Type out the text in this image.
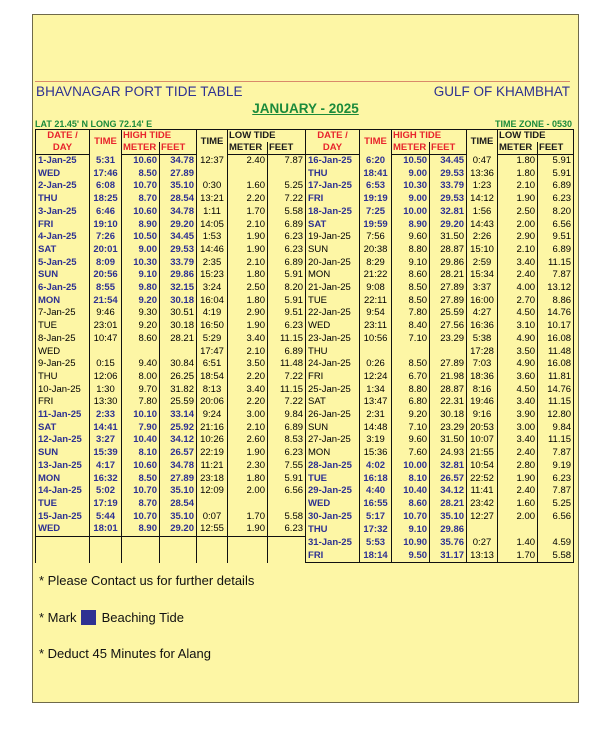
BHAVNAGAR PORT TIDE TABLE	GULF OF KHAMBHAT
JANUARY - 2025
LAT 21.45' N LONG 72.14' E	TIME ZONE - 0530
DATE /	TIME	HIGH TIDE		TIME	LOW TIDE		DATE /	TIME	HIGH TIDE		TIME	LOW TIDE	
DAY		METER	FEET		METER	FEET	DAY		METER	FEET		METER	FEET
1-Jan-25	5:31	10.60	34.78	12:37	2.40	7.87	16-Jan-25	6:20	10.50	34.45	0:47	1.80	5.91
WED	17:46	8.50	27.89				THU	18:41	9.00	29.53	13:36	1.80	5.91
2-Jan-25	6:08	10.70	35.10	0:30	1.60	5.25	17-Jan-25	6:53	10.30	33.79	1:23	2.10	6.89
THU	18:25	8.70	28.54	13:21	2.20	7.22	FRI	19:19	9.00	29.53	14:12	1.90	6.23
3-Jan-25	6:46	10.60	34.78	1:11	1.70	5.58	18-Jan-25	7:25	10.00	32.81	1:56	2.50	8.20
FRI	19:10	8.90	29.20	14:05	2.10	6.89	SAT	19:59	8.90	29.20	14:43	2.00	6.56
4-Jan-25	7:26	10.50	34.45	1:53	1.90	6.23	19-Jan-25	7:56	9.60	31.50	2:26	2.90	9.51
SAT	20:01	9.00	29.53	14:46	1.90	6.23	SUN	20:38	8.80	28.87	15:10	2.10	6.89
5-Jan-25	8:09	10.30	33.79	2:35	2.10	6.89	20-Jan-25	8:29	9.10	29.86	2:59	3.40	11.15
SUN	20:56	9.10	29.86	15:23	1.80	5.91	MON	21:22	8.60	28.21	15:34	2.40	7.87
6-Jan-25	8:55	9.80	32.15	3:24	2.50	8.20	21-Jan-25	9:08	8.50	27.89	3:37	4.00	13.12
MON	21:54	9.20	30.18	16:04	1.80	5.91	TUE	22:11	8.50	27.89	16:00	2.70	8.86
7-Jan-25	9:46	9.30	30.51	4:19	2.90	9.51	22-Jan-25	9:54	7.80	25.59	4:27	4.50	14.76
TUE	23:01	9.20	30.18	16:50	1.90	6.23	WED	23:11	8.40	27.56	16:36	3.10	10.17
8-Jan-25	10:47	8.60	28.21	5:29	3.40	11.15	23-Jan-25	10:56	7.10	23.29	5:38	4.90	16.08
WED				17:47	2.10	6.89	THU				17:28	3.50	11.48
9-Jan-25	0:15	9.40	30.84	6:51	3.50	11.48	24-Jan-25	0:26	8.50	27.89	7:03	4.90	16.08
THU	12:06	8.00	26.25	18:54	2.20	7.22	FRI	12:24	6.70	21.98	18:36	3.60	11.81
10-Jan-25	1:30	9.70	31.82	8:13	3.40	11.15	25-Jan-25	1:34	8.80	28.87	8:16	4.50	14.76
FRI	13:30	7.80	25.59	20:06	2.20	7.22	SAT	13:47	6.80	22.31	19:46	3.40	11.15
11-Jan-25	2:33	10.10	33.14	9:24	3.00	9.84	26-Jan-25	2:31	9.20	30.18	9:16	3.90	12.80
SAT	14:41	7.90	25.92	21:16	2.10	6.89	SUN	14:48	7.10	23.29	20:53	3.00	9.84
12-Jan-25	3:27	10.40	34.12	10:26	2.60	8.53	27-Jan-25	3:19	9.60	31.50	10:07	3.40	11.15
SUN	15:39	8.10	26.57	22:19	1.90	6.23	MON	15:36	7.60	24.93	21:55	2.40	7.87
13-Jan-25	4:17	10.60	34.78	11:21	2.30	7.55	28-Jan-25	4:02	10.00	32.81	10:54	2.80	9.19
MON	16:32	8.50	27.89	23:18	1.80	5.91	TUE	16:18	8.10	26.57	22:52	1.90	6.23
14-Jan-25	5:02	10.70	35.10	12:09	2.00	6.56	29-Jan-25	4:40	10.40	34.12	11:41	2.40	7.87
TUE	17:19	8.70	28.54				WED	16:55	8.60	28.21	23:42	1.60	5.25
15-Jan-25	5:44	10.70	35.10	0:07	1.70	5.58	30-Jan-25	5:17	10.70	35.10	12:27	2.00	6.56
WED	18:01	8.90	29.20	12:55	1.90	6.23	THU	17:32	9.10	29.86			
							31-Jan-25	5:53	10.90	35.76	0:27	1.40	4.59
							FRI	18:14	9.50	31.17	13:13	1.70	5.58
* Please Contact us for further details
* Mark Beaching Tide
* Deduct 45 Minutes for Alang
